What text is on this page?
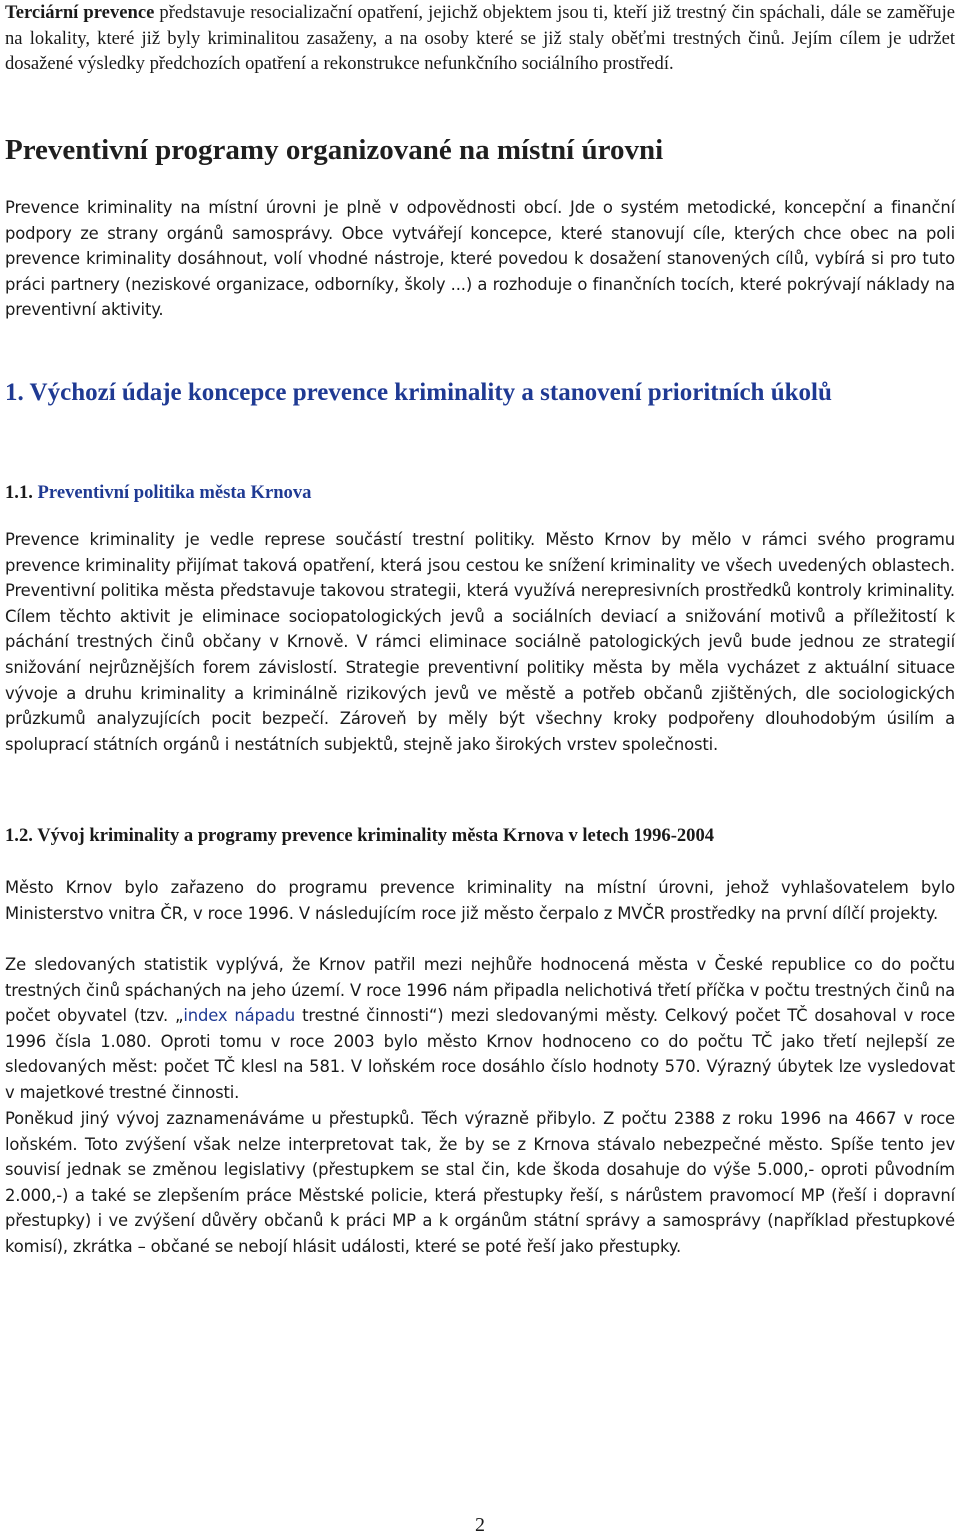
Terciární prevence představuje resocializační opatření, jejichž objektem jsou ti, kteří již trestný čin spáchali, dále se zaměřuje na lokality, které již byly kriminalitou zasaženy, a na osoby které se již staly oběťmi trestných činů. Jejím cílem je udržet dosažené výsledky předchozích opatření a rekonstrukce nefunkčního sociálního prostředí.

Preventivní programy organizované na místní úrovni

Prevence kriminality na místní úrovni je plně v odpovědnosti obcí. Jde o systém metodické, koncepční a finanční podpory ze strany orgánů samosprávy. Obce vytvářejí koncepce, které stanovují cíle, kterých chce obec na poli prevence kriminality dosáhnout, volí vhodné nástroje, které povedou k dosažení stanovených cílů, vybírá si pro tuto práci partnery (neziskové organizace, odborníky, školy ...) a rozhoduje o finančních tocích, které pokrývají náklady na preventivní aktivity.

1. Výchozí údaje koncepce prevence kriminality a stanovení prioritních úkolů
1.1. Preventivní politika města Krnova

Prevence kriminality je vedle represe součástí trestní politiky. Město Krnov by mělo v rámci svého programu prevence kriminality přijímat taková opatření, která jsou cestou ke snížení kriminality ve všech uvedených oblastech. Preventivní politika města představuje takovou strategii, která využívá nerepresivních prostředků kontroly kriminality. Cílem těchto aktivit je eliminace sociopatologických jevů a sociálních deviací a snižování motivů a příležitostí k páchání trestných činů občany v Krnově. V rámci eliminace sociálně patologických jevů bude jednou ze strategií snižování nejrůznějších forem závislostí. Strategie preventivní politiky města by měla vycházet z aktuální situace vývoje a druhu kriminality a kriminálně rizikových jevů ve městě a potřeb občanů zjištěných, dle sociologických průzkumů analyzujících pocit bezpečí. Zároveň by měly být všechny kroky podpořeny dlouhodobým úsilím a spoluprací státních orgánů i nestátních subjektů, stejně jako širokých vrstev společnosti.

1.2. Vývoj kriminality a programy prevence kriminality města Krnova v letech 1996-2004

Město Krnov bylo zařazeno do programu prevence kriminality na místní úrovni, jehož vyhlašovatelem bylo Ministerstvo vnitra ČR, v roce 1996. V následujícím roce již město čerpalo z MVČR prostředky na první dílčí projekty.

Ze sledovaných statistik vyplývá, že Krnov patřil mezi nejhůře hodnocená města v České republice co do počtu trestných činů spáchaných na jeho území. V roce 1996 nám připadla nelichotivá třetí příčka v počtu trestných činů na počet obyvatel (tzv. „index nápadu trestné činnosti“) mezi sledovanými městy. Celkový počet TČ dosahoval v roce 1996 čísla 1.080. Oproti tomu v roce 2003 bylo město Krnov hodnoceno co do počtu TČ jako třetí nejlepší ze sledovaných měst: počet TČ klesl na 581. V loňském roce dosáhlo číslo hodnoty 570. Výrazný úbytek lze vysledovat v majetkové trestné činnosti.

Poněkud jiný vývoj zaznamenáváme u přestupků. Těch výrazně přibylo. Z počtu 2388 z roku 1996 na 4667 v roce loňském. Toto zvýšení však nelze interpretovat tak, že by se z Krnova stávalo nebezpečné město. Spíše tento jev souvisí jednak se změnou legislativy (přestupkem se stal čin, kde škoda dosahuje do výše 5.000,- oproti původním 2.000,-) a také se zlepšením práce Městské policie, která přestupky řeší, s nárůstem pravomocí MP (řeší i dopravní přestupky) i ve zvýšení důvěry občanů k práci MP a k orgánům státní správy a samosprávy (například přestupkové komisí), zkrátka – občané se nebojí hlásit události, které se poté řeší jako přestupky.

2
